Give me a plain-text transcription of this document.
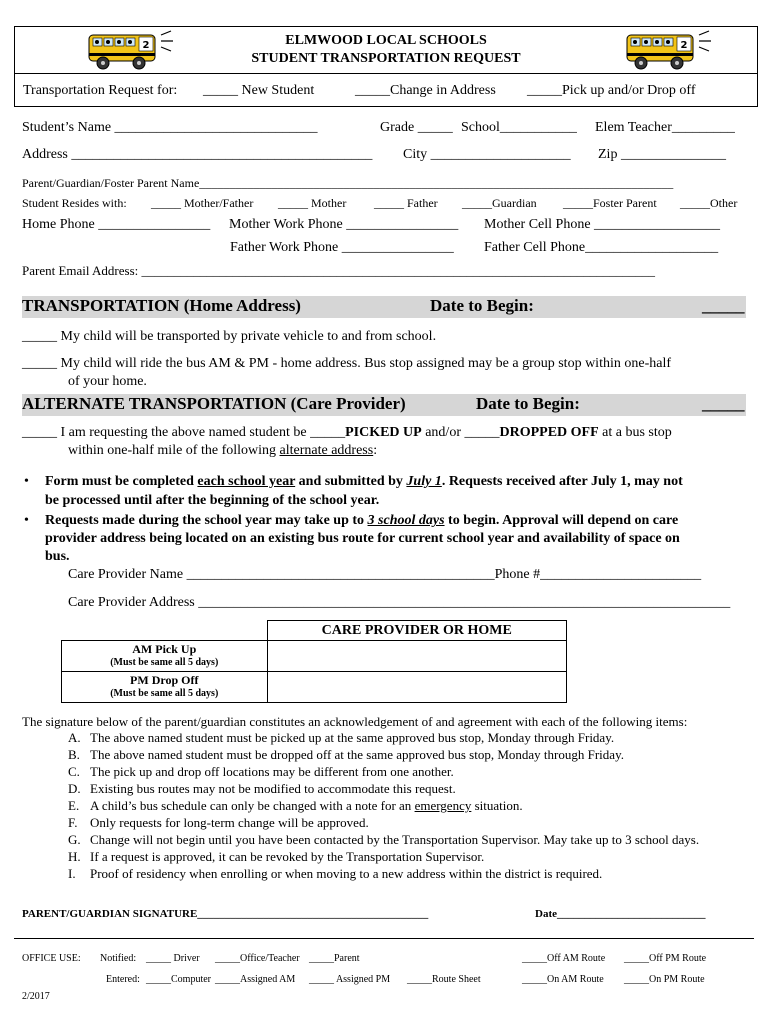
2	ELMWOOD LOCAL SCHOOLS
STUDENT TRANSPORTATION REQUEST
2
Transportation Request for: _____ New Student	_____Change in Address _____Pick up and/or Drop off
Student’s Name _____________________________	Grade _____ School___________ Elem Teacher_________
Address ___________________________________________ City ____________________ Zip _______________
Parent/Guardian/Foster Parent Name_______________________________________________________________________________
Student Resides with: _____ Mother/Father _____ Mother _____ Father _____Guardian _____Foster Parent _____Other
Home Phone ________________ Mother Work Phone ________________ Mother Cell Phone __________________
Father Work Phone ________________ Father Cell Phone___________________
Parent Email Address: _______________________________________________________________________________
TRANSPORTATION (Home Address)	Date to Begin:	_____
_____ My child will be transported by private vehicle to and from school.
_____ My child will ride the bus AM & PM - home address. Bus stop assigned may be a group stop within one-half
of your home.
ALTERNATE TRANSPORTATION (Care Provider)	Date to Begin:	_____
_____ I am requesting the above named student be _____PICKED UP and/or _____DROPPED OFF at a bus stop
within one-half mile of the following alternate address:
• Form must be completed each school year and submitted by July 1. Requests received after July 1, may not
be processed until after the beginning of the school year.
• Requests made during the school year may take up to 3 school days to begin. Approval will depend on care
provider address being located on an existing bus route for current school year and availability of space on
bus.
Care Provider Name ____________________________________________Phone #_______________________
Care Provider Address ____________________________________________________________________________
	CARE PROVIDER OR HOME

AM Pick Up
(Must be same all 5 days)	

PM Drop Off
(Must be same all 5 days)	

The signature below of the parent/guardian constitutes an acknowledgement of and agreement with each of the following items:
A. The above named student must be picked up at the same approved bus stop, Monday through Friday.
B. The above named student must be dropped off at the same approved bus stop, Monday through Friday.
C. The pick up and drop off locations may be different from one another.
D. Existing bus routes may not be modified to accommodate this request.
E. A child’s bus schedule can only be changed with a note for an emergency situation.
F. Only requests for long-term change will be approved.
G. Change will not begin until you have been contacted by the Transportation Supervisor. May take up to 3 school days.
H. If a request is approved, it can be revoked by the Transportation Supervisor.
I. Proof of residency when enrolling or when moving to a new address within the district is required.
PARENT/GUARDIAN SIGNATURE__________________________________________	Date___________________________
OFFICE USE: Notified: _____ Driver _____Office/Teacher _____Parent	_____Off AM Route _____Off PM Route
Entered: _____Computer _____Assigned AM _____ Assigned PM _____Route Sheet	_____On AM Route _____On PM Route
2/2017
